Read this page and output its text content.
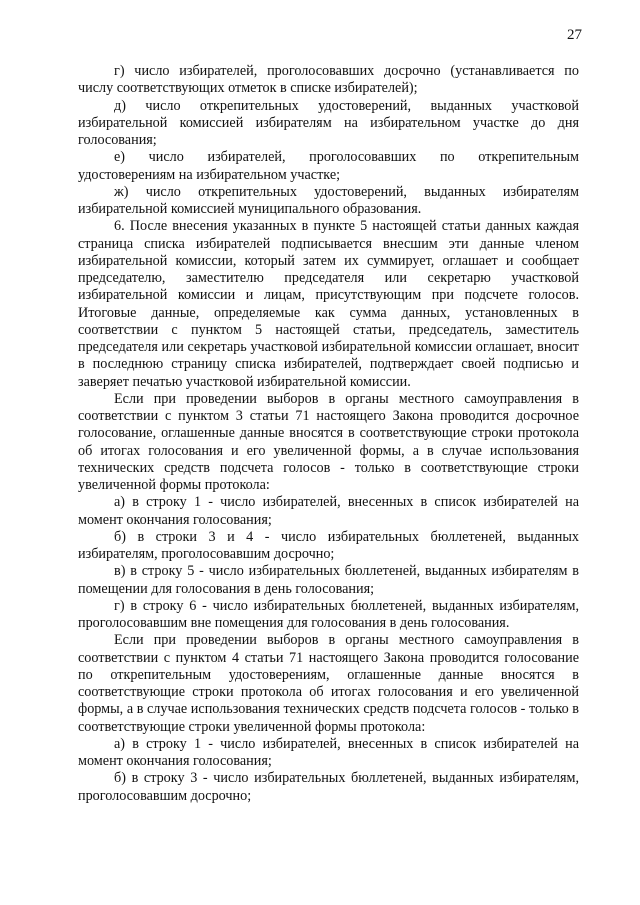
27

г) число избирателей, проголосовавших досрочно (устанавливается по числу соответствующих отметок в списке избирателей);

д) число открепительных удостоверений, выданных участковой избирательной комиссией избирателям на избирательном участке до дня голосования;

е) число избирателей, проголосовавших по открепительным удостоверениям на избирательном участке;

ж) число открепительных удостоверений, выданных избирателям избирательной комиссией муниципального образования.

6. После внесения указанных в пункте 5 настоящей статьи данных каждая страница списка избирателей подписывается внесшим эти данные членом избирательной комиссии, который затем их суммирует, оглашает и сообщает председателю, заместителю председателя или секретарю участковой избирательной комиссии и лицам, присутствующим при подсчете голосов. Итоговые данные, определяемые как сумма данных, установленных в соответствии с пунктом 5 настоящей статьи, председатель, заместитель председателя или секретарь участковой избирательной комиссии оглашает, вносит в последнюю страницу списка избирателей, подтверждает своей подписью и заверяет печатью участковой избирательной комиссии.

Если при проведении выборов в органы местного самоуправления в соответствии с пунктом 3 статьи 71 настоящего Закона проводится досрочное голосование, оглашенные данные вносятся в соответствующие строки протокола об итогах голосования и его увеличенной формы, а в случае использования технических средств подсчета голосов - только в соответствующие строки увеличенной формы протокола:

а) в строку 1 - число избирателей, внесенных в список избирателей на момент окончания голосования;

б) в строки 3 и 4 - число избирательных бюллетеней, выданных избирателям, проголосовавшим досрочно;

в) в строку 5 - число избирательных бюллетеней, выданных избирателям в помещении для голосования в день голосования;

г) в строку 6 - число избирательных бюллетеней, выданных избирателям, проголосовавшим вне помещения для голосования в день голосования.

Если при проведении выборов в органы местного самоуправления в соответствии с пунктом 4 статьи 71 настоящего Закона проводится голосование по открепительным удостоверениям, оглашенные данные вносятся в соответствующие строки протокола об итогах голосования и его увеличенной формы, а в случае использования технических средств подсчета голосов - только в соответствующие строки увеличенной формы протокола:

а) в строку 1 - число избирателей, внесенных в список избирателей на момент окончания голосования;

б) в строку 3 - число избирательных бюллетеней, выданных избирателям, проголосовавшим досрочно;
